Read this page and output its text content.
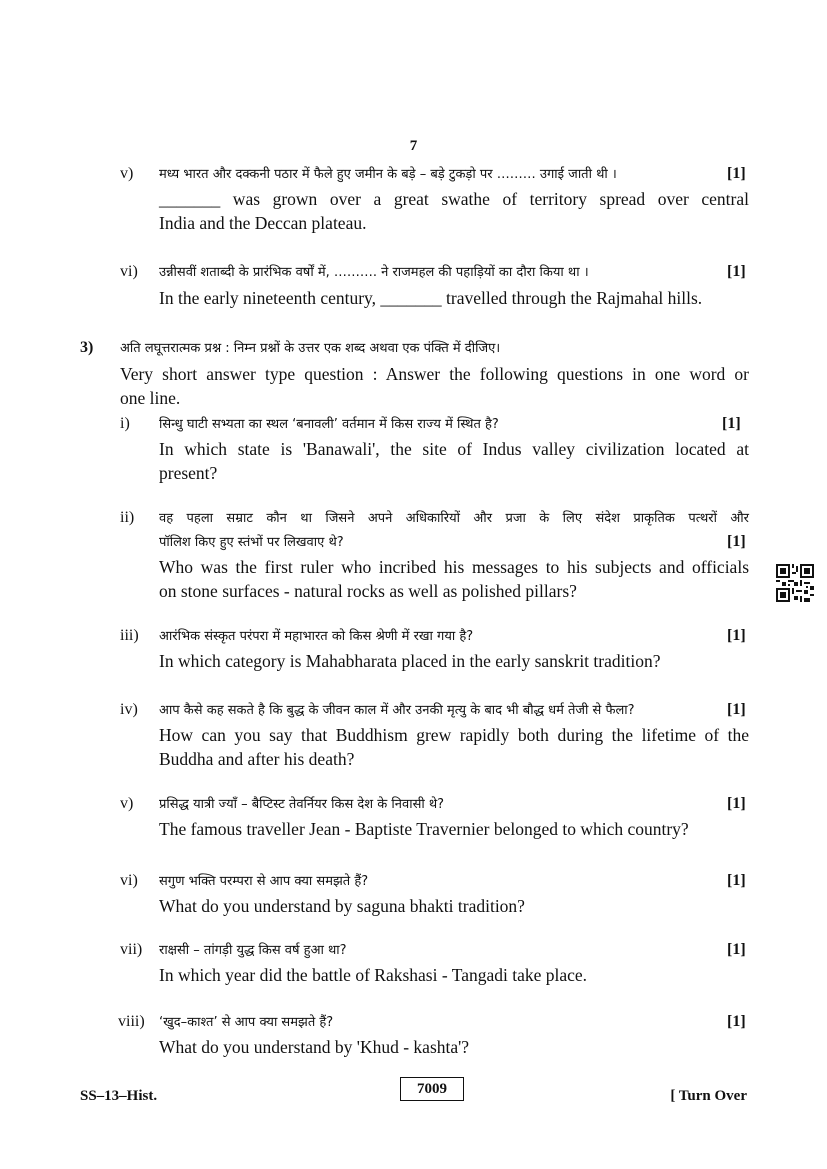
7
v) मध्य भारत और दक्कनी पठार में फैले हुए जमीन के बड़े – बड़े टुकड़ो पर ……… उगाई जाती थी ।	[1]
_______ was grown over a great swathe of territory spread over central
India and the Deccan plateau.
vi) उन्नीसवीं शताब्दी के प्रारंभिक वर्षों में, ………. ने राजमहल की पहाड़ियों का दौरा किया था ।	[1]
In the early nineteenth century, _______ travelled through the Rajmahal hills.
3) अति लघूत्तरात्मक प्रश्न : निम्न प्रश्नों के उत्तर एक शब्द अथवा एक पंक्ति में दीजिए।
Very short answer type question : Answer the following questions in one word or
one line.
i) सिन्धु घाटी सभ्यता का स्थल ‘बनावली’ वर्तमान में किस राज्य में स्थित है?	[1]
In which state is 'Banawali', the site of Indus valley civilization located at
present?
ii) वह पहला सम्राट कौन था जिसने अपने अधिकारियों और प्रजा के लिए संदेश प्राकृतिक पत्थरों और
पॉलिश किए हुए स्तंभों पर लिखवाए थे?	[1]
Who was the first ruler who incribed his messages to his subjects and officials
on stone surfaces - natural rocks as well as polished pillars?
iii) आरंभिक संस्कृत परंपरा में महाभारत को किस श्रेणी में रखा गया है?	[1]
In which category is Mahabharata placed in the early sanskrit tradition?
iv) आप कैसे कह सकते है कि बुद्ध के जीवन काल में और उनकी मृत्यु के बाद भी बौद्ध धर्म तेजी से फैला?	[1]
How can you say that Buddhism grew rapidly both during the lifetime of the
Buddha and after his death?
v) प्रसिद्ध यात्री ज्यॉं – बैप्टिस्ट तेवर्नियर किस देश के निवासी थे?	[1]
The famous traveller Jean - Baptiste Travernier belonged to which country?
vi) सगुण भक्ति परम्परा से आप क्या समझते हैं?	[1]
What do you understand by saguna bhakti tradition?
vii) राक्षसी – तांगड़ी युद्ध किस वर्ष हुआ था?	[1]
In which year did the battle of Rakshasi - Tangadi take place.
viii) ‘खुद–काश्त’ से आप क्या समझते हैं?	[1]
What do you understand by 'Khud - kashta'?
SS–13–Hist.	7009	[ Turn Over
